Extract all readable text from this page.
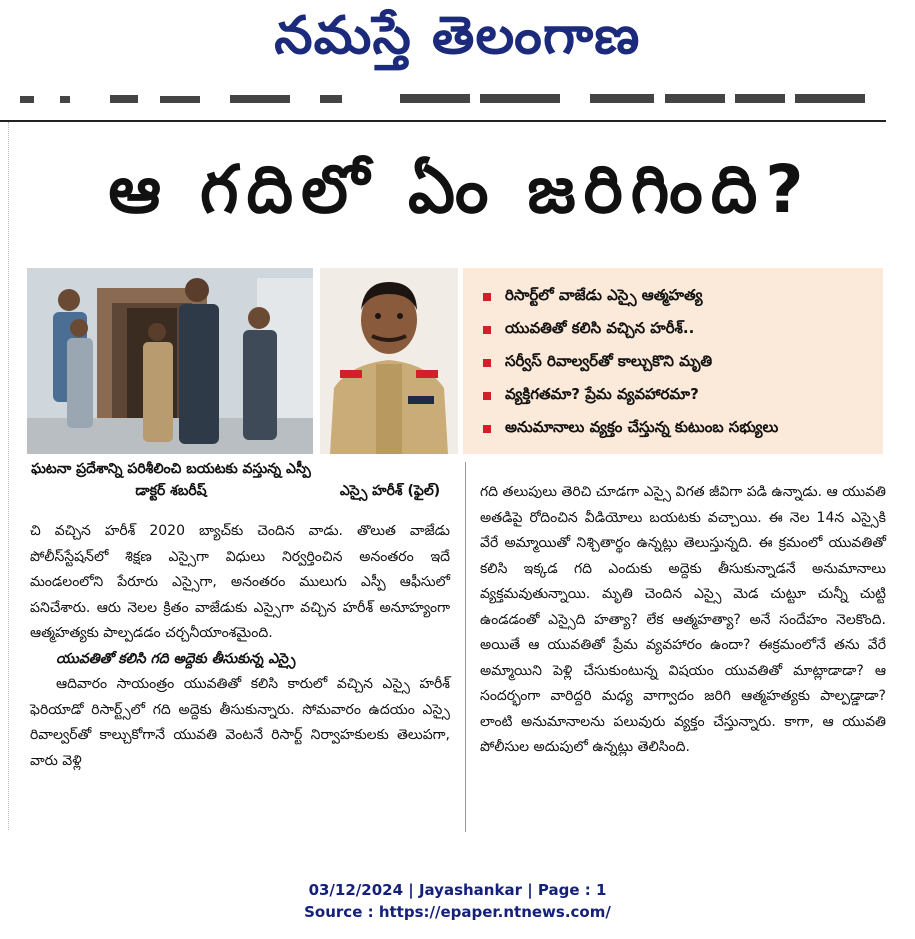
నమస్తే తెలంగాణ
ఆ గదిలో ఏం జరిగింది?
రిసార్ట్‌లో వాజేడు ఎస్సై ఆత్మహత్య
యువతితో కలిసి వచ్చిన హరీశ్‌..
సర్వీస్‌ రివాల్వర్‌తో కాల్చుకొని మృతి
వ్యక్తిగతమా? ప్రేమ వ్యవహారమా?
అనుమానాలు వ్యక్తం చేస్తున్న కుటుంబ సభ్యులు
ఘటనా ప్రదేశాన్ని పరిశీలించి బయటకు వస్తున్న ఎస్పీ డాక్టర్‌ శబరీష్‌	ఎస్సై హరీశ్‌ (ఫైల్‌)

చి వచ్చిన హరీశ్‌ 2020 బ్యాచ్‌కు చెందిన వాడు. తొలుత వాజేడు పోలీస్‌స్టేషన్‌లో శిక్షణ ఎస్సైగా విధులు నిర్వర్తించిన అనంతరం ఇదే మండలంలోని పేరూరు ఎస్సైగా, అనంతరం ములుగు ఎస్పీ ఆఫీసులో పనిచేశారు. ఆరు నెలల క్రితం వాజేడుకు ఎస్సైగా వచ్చిన హరీశ్‌ అనూహ్యంగా ఆత్మహత్యకు పాల్పడడం చర్చనీయాంశమైంది.

యువతితో కలిసి గది అద్దెకు తీసుకున్న ఎస్సై

ఆదివారం సాయంత్రం యువతితో కలిసి కారులో వచ్చిన ఎస్సై హరీశ్‌ ఫెరియాడో రిసార్ట్స్‌లో గది అద్దెకు తీసుకున్నారు. సోమవారం ఉదయం ఎస్సై రివాల్వర్‌తో కాల్చుకోగానే యువతి వెంటనే రిసార్ట్‌ నిర్వాహకులకు తెలుపగా, వారు వెళ్లి

గది తలుపులు తెరిచి చూడగా ఎస్సై విగత జీవిగా పడి ఉన్నాడు. ఆ యువతి అతడిపై రోదించిన వీడియోలు బయటకు వచ్చాయి. ఈ నెల 14న ఎస్సైకి వేరే అమ్మాయితో నిశ్చితార్థం ఉన్నట్లు తెలుస్తున్నది. ఈ క్రమంలో యువతితో కలిసి ఇక్కడ గది ఎందుకు అద్దెకు తీసుకున్నాడనే అనుమానాలు వ్యక్తమవుతున్నాయి. మృతి చెందిన ఎస్సై మెడ చుట్టూ చున్నీ చుట్టి ఉండడంతో ఎస్సైది హత్యా? లేక ఆత్మహత్యా? అనే సందేహం నెలకొంది. అయితే ఆ యువతితో ప్రేమ వ్యవహారం ఉందా? ఈక్రమంలోనే తను వేరే అమ్మాయిని పెళ్లి చేసుకుంటున్న విషయం యువతితో మాట్లాడాడా? ఆ సందర్భంగా వారిద్దరి మధ్య వాగ్వాదం జరిగి ఆత్మహత్యకు పాల్పడ్డాడా? లాంటి అనుమానాలను పలువురు వ్యక్తం చేస్తున్నారు. కాగా, ఆ యువతి పోలీసుల అదుపులో ఉన్నట్లు తెలిసింది.

03/12/2024 | Jayashankar | Page : 1
Source : https://epaper.ntnews.com/
